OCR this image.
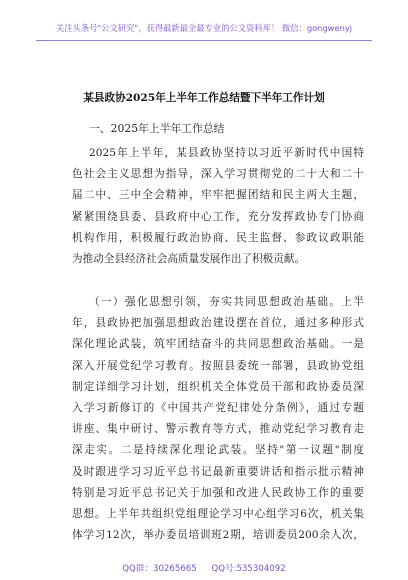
关注头条号"公文研究"，获得最新最全最专业的公文资料库！ 微信：gongwenyj
某县政协2025年上半年工作总结暨下半年工作计划
一、2025年上半年工作总结
2025年上半年，某县政协坚持以习近平新时代中国特
色社会主义思想为指导，深入学习贯彻党的二十大和二十
届二中、三中全会精神，牢牢把握团结和民主两大主题，
紧紧围绕县委、县政府中心工作，充分发挥政协专门协商
机构作用，积极履行政治协商、民主监督、参政议政职能
为推动全县经济社会高质量发展作出了积极贡献。
（一）强化思想引领，夯实共同思想政治基础。上半
年，县政协把加强思想政治建设摆在首位，通过多种形式
深化理论武装，筑牢团结奋斗的共同思想政治基础。一是
深入开展党纪学习教育。按照县委统一部署，县政协党组
制定详细学习计划，组织机关全体党员干部和政协委员深
入学习新修订的《中国共产党纪律处分条例》，通过专题
讲座、集中研讨、警示教育等方式，推动党纪学习教育走
深走实。二是持续深化理论武装。坚持"第一议题"制度
及时跟进学习习近平总书记最新重要讲话和指示批示精神
特别是习近平总书记关于加强和改进人民政协工作的重要
思想。上半年共组织党组理论学习中心组学习6次，机关集
体学习12次，举办委员培训班2期，培训委员200余人次，
QQ群：30265665 QQ号:535304092
